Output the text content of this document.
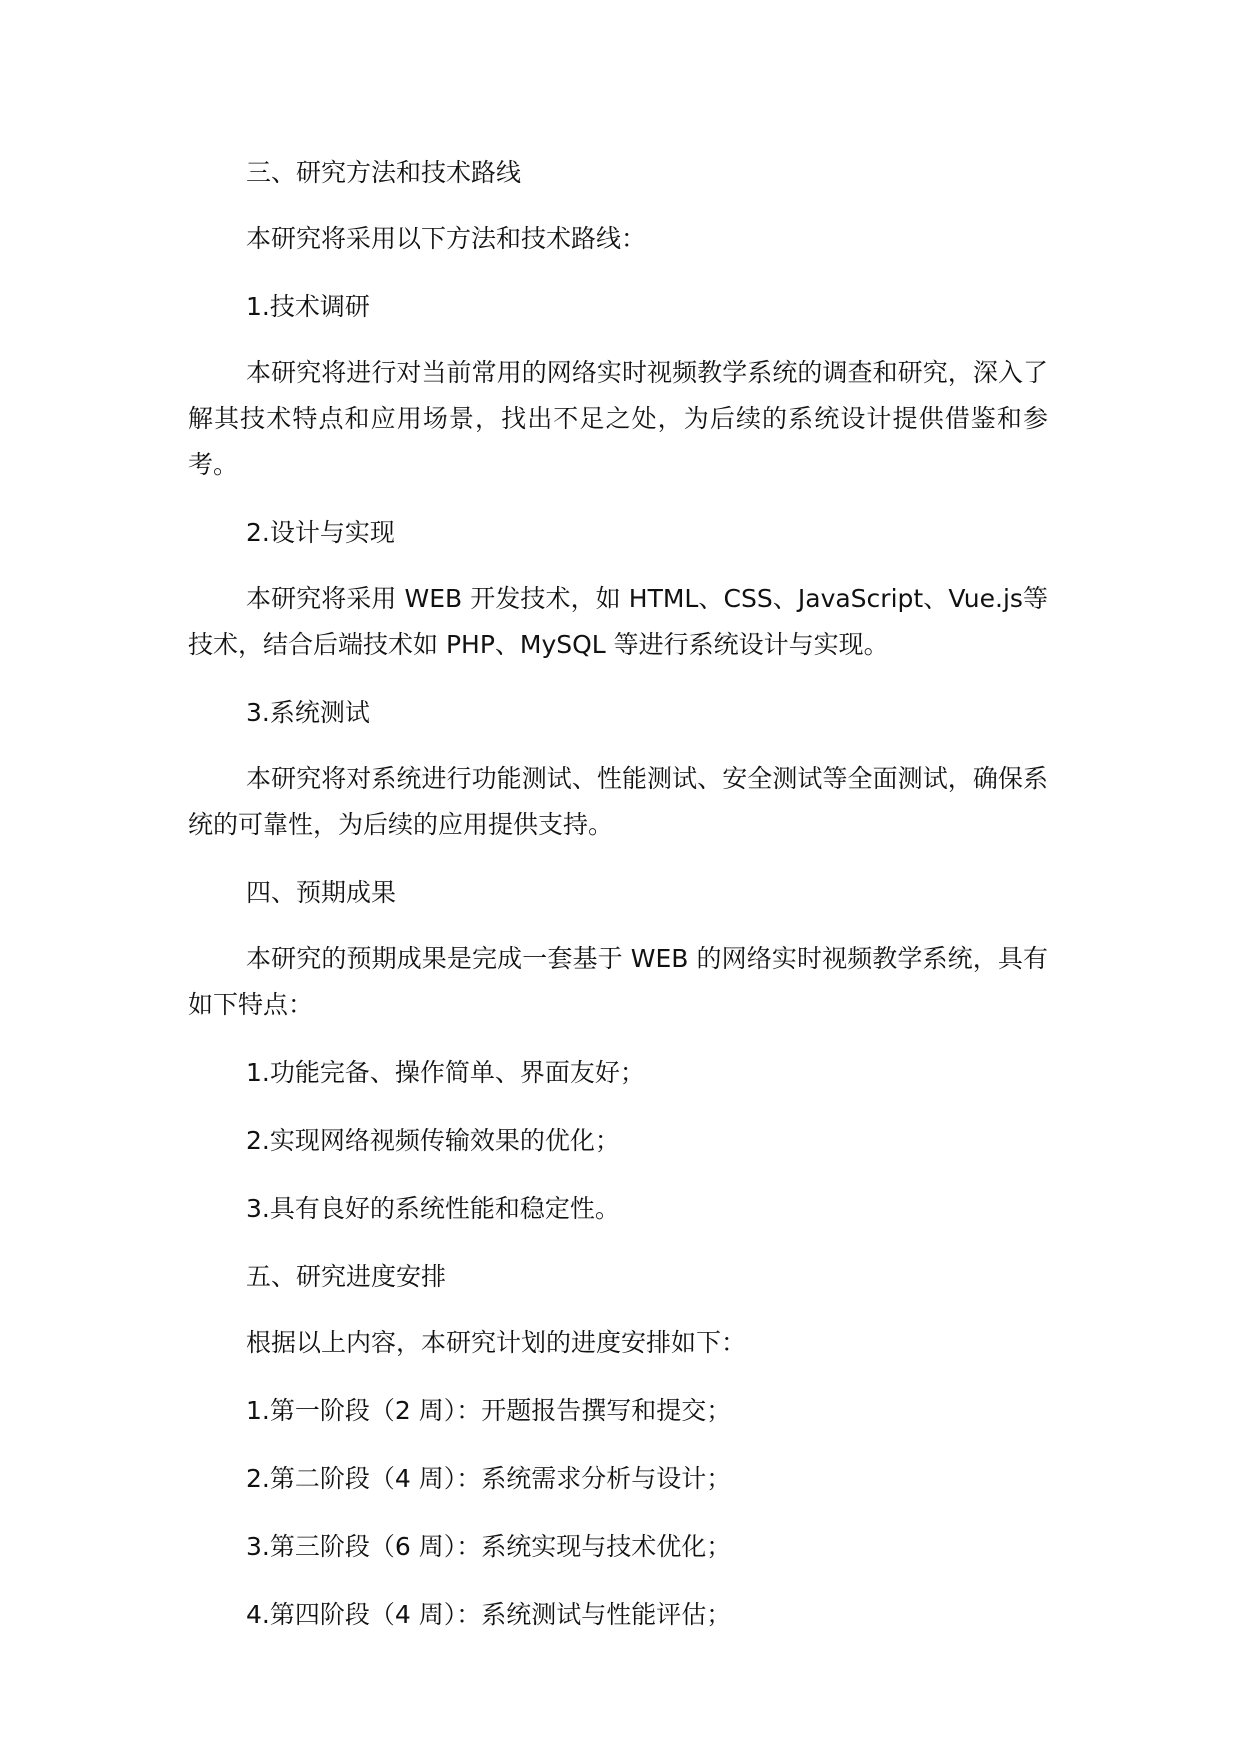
三、研究方法和技术路线

本研究将采用以下方法和技术路线：

1.技术调研

本研究将进行对当前常用的网络实时视频教学系统的调查和研究，深入了解其技术特点和应用场景，找出不足之处，为后续的系统设计提供借鉴和参考。

2.设计与实现

本研究将采用 WEB 开发技术，如 HTML、CSS、JavaScript、Vue.js等技术，结合后端技术如 PHP、MySQL 等进行系统设计与实现。

3.系统测试

本研究将对系统进行功能测试、性能测试、安全测试等全面测试，确保系统的可靠性，为后续的应用提供支持。

四、预期成果

本研究的预期成果是完成一套基于 WEB 的网络实时视频教学系统，具有如下特点：

1.功能完备、操作简单、界面友好；

2.实现网络视频传输效果的优化；

3.具有良好的系统性能和稳定性。

五、研究进度安排

根据以上内容，本研究计划的进度安排如下：

1.第一阶段（2 周）：开题报告撰写和提交；

2.第二阶段（4 周）：系统需求分析与设计；

3.第三阶段（6 周）：系统实现与技术优化；

4.第四阶段（4 周）：系统测试与性能评估；
